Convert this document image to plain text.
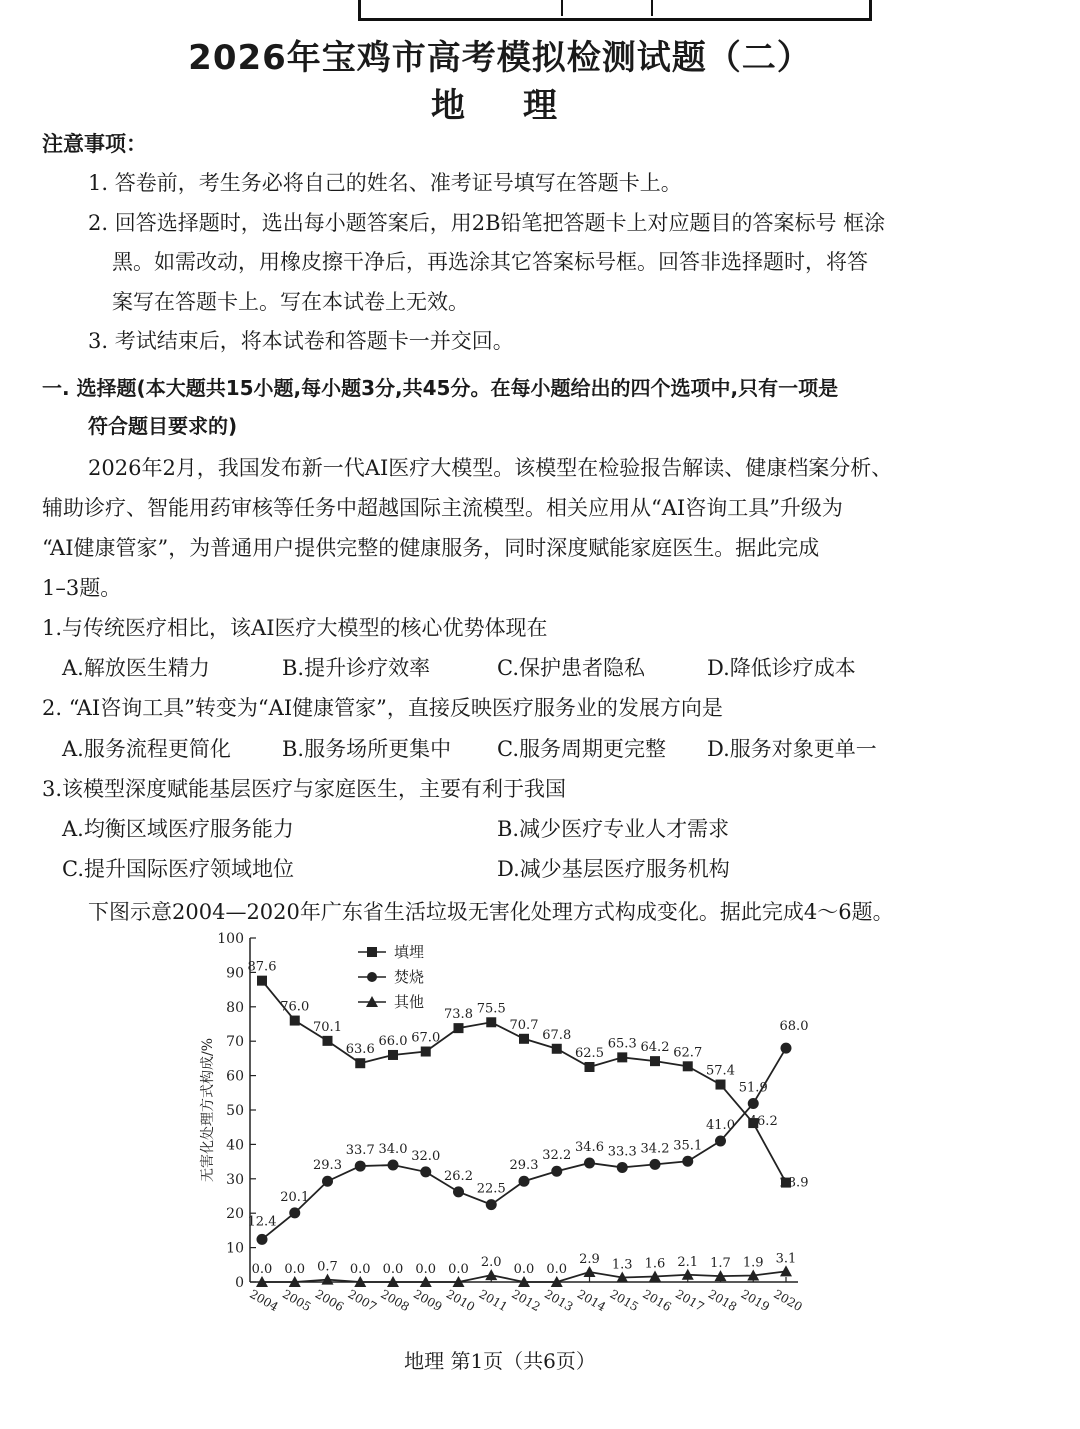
2026年宝鸡市高考模拟检测试题（二）
地　理
注意事项：
1. 答卷前，考生务必将自己的姓名、准考证号填写在答题卡上。
2. 回答选择题时，选出每小题答案后，用2B铅笔把答题卡上对应题目的答案标号 框涂
黑。如需改动，用橡皮擦干净后，再选涂其它答案标号框。回答非选择题时，将答
案写在答题卡上。写在本试卷上无效。
3. 考试结束后，将本试卷和答题卡一并交回。
一. 选择题(本大题共15小题,每小题3分,共45分。在每小题给出的四个选项中,只有一项是
符合题目要求的)
2026年2月，我国发布新一代AI医疗大模型。该模型在检验报告解读、健康档案分析、
辅助诊疗、智能用药审核等任务中超越国际主流模型。相关应用从“AI咨询工具”升级为
“AI健康管家”，为普通用户提供完整的健康服务，同时深度赋能家庭医生。据此完成
1–3题。
1.与传统医疗相比，该AI医疗大模型的核心优势体现在
A.解放医生精力	B.提升诊疗效率	C.保护患者隐私	D.降低诊疗成本
2. “AI咨询工具”转变为“AI健康管家”，直接反映医疗服务业的发展方向是
A.服务流程更简化 B.服务场所更集中 C.服务周期更完整 D.服务对象更单一
3.该模型深度赋能基层医疗与家庭医生，主要有利于我国
A.均衡区域医疗服务能力	B.减少医疗专业人才需求
C.提升国际医疗领域地位	D.减少基层医疗服务机构
下图示意2004—2020年广东省生活垃圾无害化处理方式构成变化。据此完成4～6题。
0
10
20
30
40
50
60
70
80
90
100
2004 2005 2006 2007 2008 2009 2010 2011 2012 2013 2014 2015 2016 2017 2018 2019 2020
无害化处理方式构成/%
87.6
76.0
70.1
63.6
66.0 67.0
73.8 75.5
70.7
67.8
62.5
65.3 64.2 62.7
57.4
46.2
28.9
12.4
20.1
29.3
33.7 34.0 32.0
26.2
22.5
29.3
32.2
34.6 33.3 34.2 35.1
41.0
51.9
68.0
0.0 0.0 0.7 0.0 0.0 0.0 0.0 2.0 0.0 0.0
2.9 1.3 1.6 2.1 1.7 1.9 3.1
填埋
焚烧
其他
地理 第1页（共6页）
